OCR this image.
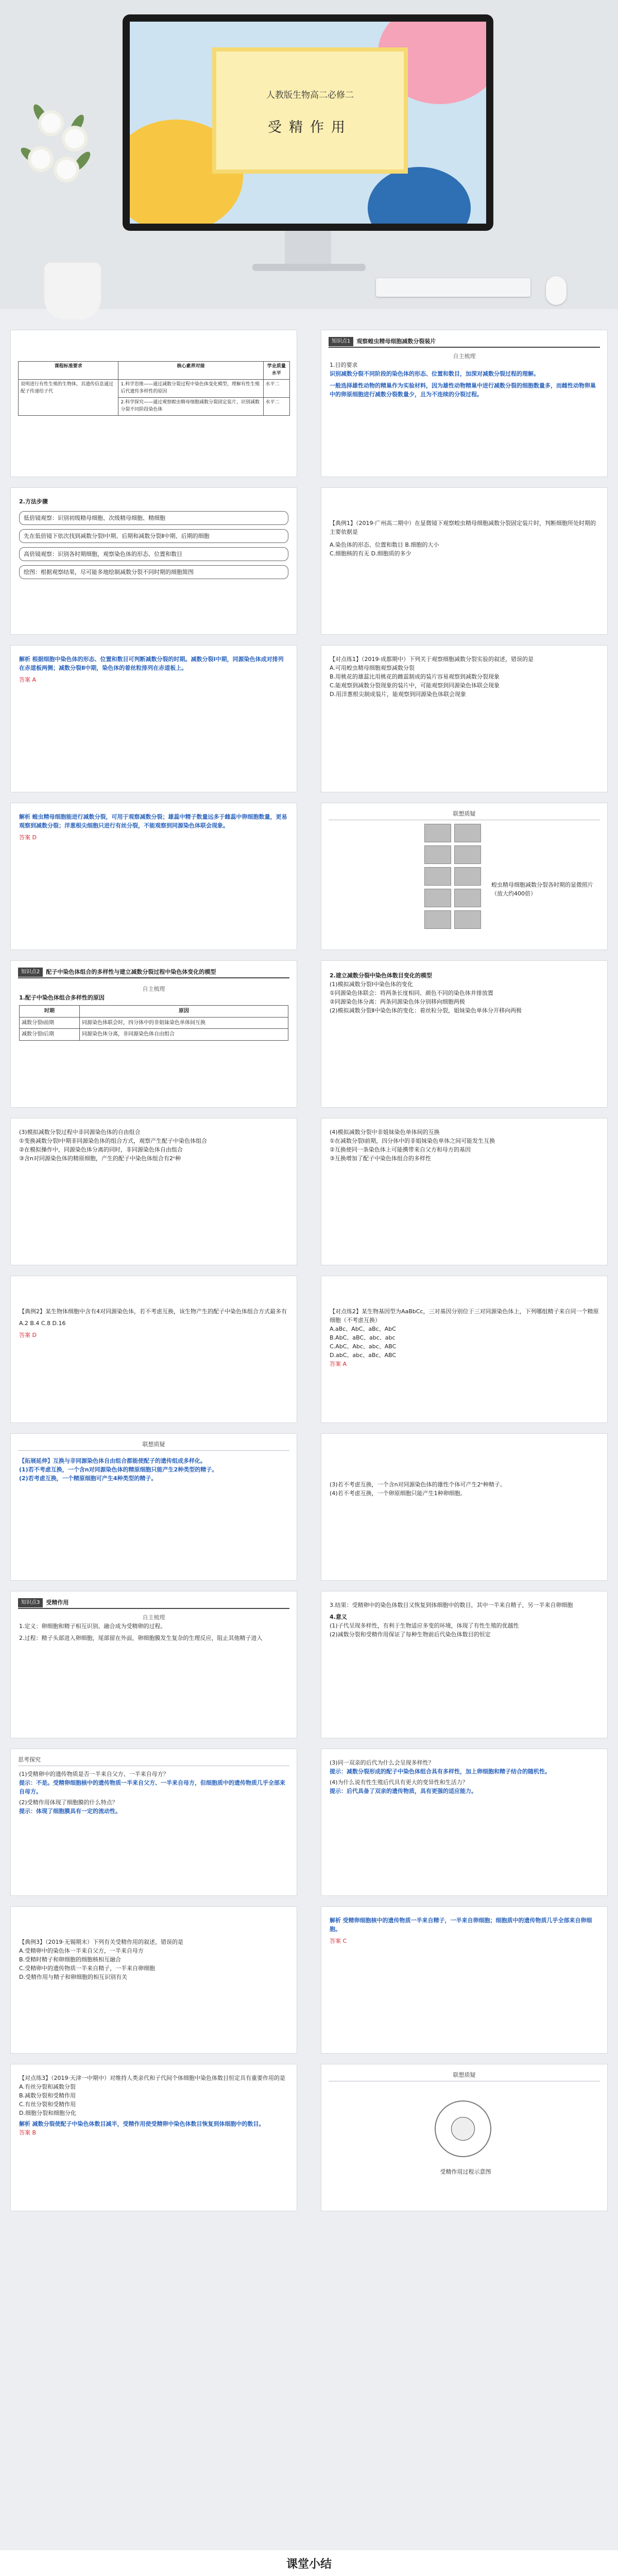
人教版生物高二必修二
受精作用
课程标准要求	核心素养对接	学业质量水平
说明进行有性生殖的生物体，其遗传信息通过配子传递给子代	1.科学思维——通过减数分裂过程中染色体变化模型，理解有性生殖后代遗传多样性的原因	水平二
	2.科学探究——通过观察蝗虫精母细胞减数分裂固定装片，识别减数分裂不同阶段染色体	水平二
知识点1	观察蝗虫精母细胞减数分裂装片
自主梳理
1.目的要求
识别减数分裂不同阶段的染色体的形态、位置和数目，加深对减数分裂过程的理解。
一般选择雄性动物的精巢作为实验材料，因为雄性动物精巢中进行减数分裂的细胞数量多，而雌性动物卵巢中的卵原细胞进行减数分裂数量少，且为不连续的分裂过程。
2.方法步骤
低倍镜观察：识别初级精母细胞、次级精母细胞、精细胞
先在低倍镜下依次找到减数分裂Ⅰ中期、后期和减数分裂Ⅱ中期、后期的细胞
高倍镜观察：识别各时期细胞，观察染色体的形态、位置和数目
绘图：根据观察结果，尽可能多地绘制减数分裂不同时期的细胞简图
【典例1】（2019·广州高二期中）在显微镜下观察蝗虫精母细胞减数分裂固定装片时，判断细胞所处时期的主要依据是
A.染色体的形态、位置和数目 B.细胞的大小
C.细胞核的有无 D.细胞质的多少
解析 根据细胞中染色体的形态、位置和数目可判断减数分裂的时期。减数分裂Ⅰ中期，同源染色体成对排列在赤道板两侧；减数分裂Ⅱ中期，染色体的着丝粒排列在赤道板上。
答案 A
【对点练1】（2019·成都期中）下列关于观察细胞减数分裂实验的叙述，错误的是
A.可用蝗虫精母细胞观察减数分裂
B.用桃花的雄蕊比用桃花的雌蕊制成的装片容易观察到减数分裂现象
C.能观察到减数分裂现象的装片中，可能观察到同源染色体联会现象
D.用洋葱根尖制成装片，能观察到同源染色体联会现象
解析 蝗虫精母细胞能进行减数分裂，可用于观察减数分裂；雄蕊中精子数量远多于雌蕊中卵细胞数量，更易观察到减数分裂；洋葱根尖细胞只进行有丝分裂，不能观察到同源染色体联会现象。
答案 D
联想质疑
蝗虫精母细胞减数分裂各时期的显微照片（放大约400倍）
知识点2	配子中染色体组合的多样性与建立减数分裂过程中染色体变化的模型
自主梳理
1.配子中染色体组合多样性的原因
时期	原因
减数分裂Ⅰ前期	同源染色体联会时，四分体中的非姐妹染色单体间互换
减数分裂Ⅰ后期	同源染色体分离，非同源染色体自由组合
2.建立减数分裂中染色体数目变化的模型
(1)模拟减数分裂Ⅰ中染色体的变化
①同源染色体联会：将两条长度相同、颜色不同的染色体并排放置
②同源染色体分离：两条同源染色体分别移向细胞两极
(2)模拟减数分裂Ⅱ中染色体的变化：着丝粒分裂，姐妹染色单体分开移向两极
(3)模拟减数分裂过程中非同源染色体的自由组合
①变换减数分裂Ⅰ中期非同源染色体的组合方式，观察产生配子中染色体组合
②在模拟操作中，同源染色体分离的同时，非同源染色体自由组合
③含n对同源染色体的精原细胞，产生的配子中染色体组合有2ⁿ种
(4)模拟减数分裂中非姐妹染色单体间的互换
①在减数分裂Ⅰ前期，四分体中的非姐妹染色单体之间可能发生互换
②互换使同一条染色体上可能携带来自父方和母方的基因
③互换增加了配子中染色体组合的多样性
【典例2】某生物体细胞中含有4对同源染色体，若不考虑互换，该生物产生的配子中染色体组合方式最多有
A.2 B.4 C.8 D.16
答案 D
【对点练2】某生物基因型为AaBbCc，三对基因分别位于三对同源染色体上，下列哪组精子来自同一个精原细胞（不考虑互换）
A.aBc、AbC、aBc、AbC
B.AbC、aBC、abc、abc
C.AbC、Abc、abc、ABC
D.abC、abc、aBc、ABC
答案 A
联想质疑
【拓展延伸】互换与非同源染色体自由组合都能使配子的遗传组成多样化。
(1)若不考虑互换，一个含n对同源染色体的精原细胞只能产生2种类型的精子。
(2)若考虑互换，一个精原细胞可产生4种类型的精子。
(3)若不考虑互换，一个含n对同源染色体的雄性个体可产生2ⁿ种精子。
(4)若不考虑互换，一个卵原细胞只能产生1种卵细胞。
知识点3	受精作用
自主梳理
1.定义：卵细胞和精子相互识别、融合成为受精卵的过程。
2.过程：精子头部进入卵细胞，尾部留在外面，卵细胞膜发生复杂的生理反应，阻止其他精子进入
3.结果：受精卵中的染色体数目又恢复到体细胞中的数目，其中一半来自精子，另一半来自卵细胞
4.意义
(1)子代呈现多样性，有利于生物适应多变的环境，体现了有性生殖的优越性
(2)减数分裂和受精作用保证了每种生物前后代染色体数目的恒定
思考探究
(1)受精卵中的遗传物质是否一半来自父方、一半来自母方？
提示：不是。受精卵细胞核中的遗传物质一半来自父方、一半来自母方，但细胞质中的遗传物质几乎全部来自母方。
(2)受精作用体现了细胞膜的什么特点？
提示：体现了细胞膜具有一定的流动性。
(3)同一双亲的后代为什么会呈现多样性？
提示：减数分裂形成的配子中染色体组合具有多样性，加上卵细胞和精子结合的随机性。
(4)为什么说有性生殖后代具有更大的变异性和生活力？
提示：后代具备了双亲的遗传物质，具有更强的适应能力。
【典例3】（2019·无锡期末）下列有关受精作用的叙述，错误的是
A.受精卵中的染色体一半来自父方，一半来自母方
B.受精时精子和卵细胞的细胞核相互融合
C.受精卵中的遗传物质一半来自精子，一半来自卵细胞
D.受精作用与精子和卵细胞的相互识别有关
解析 受精卵细胞核中的遗传物质一半来自精子，一半来自卵细胞；细胞质中的遗传物质几乎全部来自卵细胞。
答案 C
【对点练3】（2019·天津一中期中）对维持人类亲代和子代间个体细胞中染色体数目恒定具有重要作用的是
A.有丝分裂和减数分裂
B.减数分裂和受精作用
C.有丝分裂和受精作用
D.细胞分裂和细胞分化
解析 减数分裂使配子中染色体数目减半，受精作用使受精卵中染色体数目恢复到体细胞中的数目。
答案 B
联想质疑
受精作用过程示意图
课堂小结
